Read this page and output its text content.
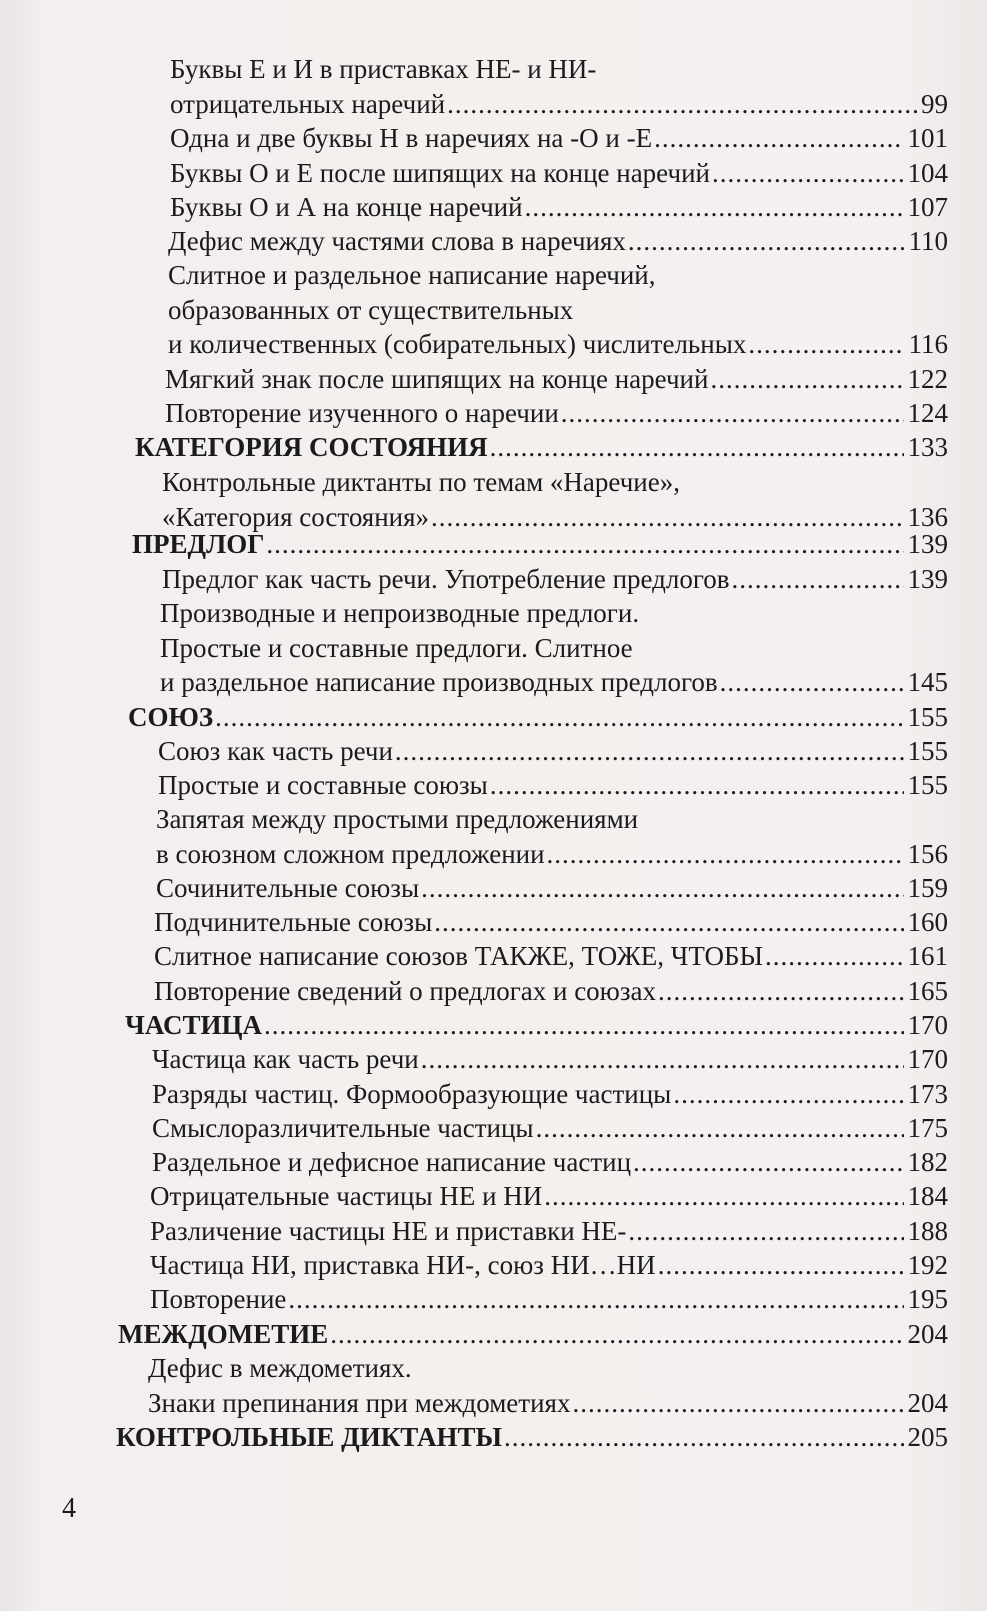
Буквы Е и И в приставках НЕ- и НИ-
отрицательных наречий .....	99
Одна и две буквы Н в наречиях на -О и -Е .....	101
Буквы О и Е после шипящих на конце наречий .....	104
Буквы О и А на конце наречий .....	107
Дефис между частями слова в наречиях .....	110
Слитное и раздельное написание наречий,
образованных от существительных
и количественных (собирательных) числительных .....	116
Мягкий знак после шипящих на конце наречий .....	122
Повторение изученного о наречии .....	124
КАТЕГОРИЯ СОСТОЯНИЯ .....	133
Контрольные диктанты по темам «Наречие»,
«Категория состояния» .....	136
ПРЕДЛОГ .....	139
Предлог как часть речи. Употребление предлогов .....	139
Производные и непроизводные предлоги.
Простые и составные предлоги. Слитное
и раздельное написание производных предлогов .....	145
СОЮЗ .....	155
Союз как часть речи .....	155
Простые и составные союзы .....	155
Запятая между простыми предложениями
в союзном сложном предложении .....	156
Сочинительные союзы .....	159
Подчинительные союзы .....	160
Слитное написание союзов ТАКЖЕ, ТОЖЕ, ЧТОБЫ .....	161
Повторение сведений о предлогах и союзах .....	165
ЧАСТИЦА .....	170
Частица как часть речи .....	170
Разряды частиц. Формообразующие частицы .....	173
Смыслоразличительные частицы .....	175
Раздельное и дефисное написание частиц .....	182
Отрицательные частицы НЕ и НИ .....	184
Различение частицы НЕ и приставки НЕ- .....	188
Частица НИ, приставка НИ-, союз НИ…НИ .....	192
Повторение .....	195
МЕЖДОМЕТИЕ .....	204
Дефис в междометиях.
Знаки препинания при междометиях .....	204
КОНТРОЛЬНЫЕ ДИКТАНТЫ .....	205
4
